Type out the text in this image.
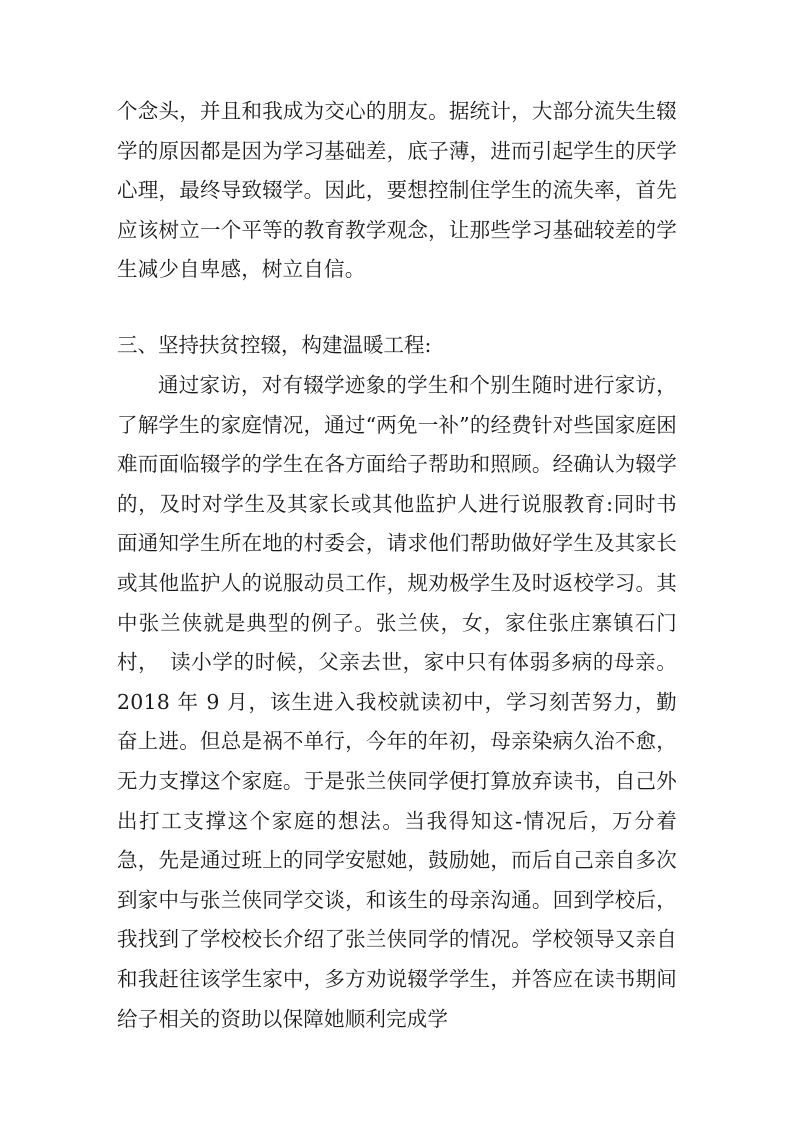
个念头，并且和我成为交心的朋友。据统计，大部分流失生辍学的原因都是因为学习基础差，底子薄，进而引起学生的厌学心理，最终导致辍学。因此，要想控制住学生的流失率，首先应该树立一个平等的教育教学观念，让那些学习基础较差的学生减少自卑感，树立自信。

三、坚持扶贫控辍，构建温暖工程:

通过家访，对有辍学迹象的学生和个别生随时进行家访，了解学生的家庭情况，通过“两免一补”的经费针对些国家庭困难而面临辍学的学生在各方面给子帮助和照顾。经确认为辍学的，及时对学生及其家长或其他监护人进行说服教育:同时书面通知学生所在地的村委会，请求他们帮助做好学生及其家长或其他监护人的说服动员工作，规劝极学生及时返校学习。其中张兰侠就是典型的例子。张兰侠，女，家住张庄寨镇石门村，　读小学的时候，父亲去世，家中只有体弱多病的母亲。2018 年 9 月，该生进入我校就读初中，学习刻苦努力，勤奋上进。但总是祸不单行，今年的年初，母亲染病久治不愈，无力支撑这个家庭。于是张兰侠同学便打算放弃读书，自己外出打工支撑这个家庭的想法。当我得知这-情况后，万分着急，先是通过班上的同学安慰她，鼓励她，而后自己亲自多次到家中与张兰侠同学交谈，和该生的母亲沟通。回到学校后，我找到了学校校长介绍了张兰侠同学的情况。学校领导又亲自和我赶往该学生家中，多方劝说辍学学生，并答应在读书期间给子相关的资助以保障她顺利完成学
